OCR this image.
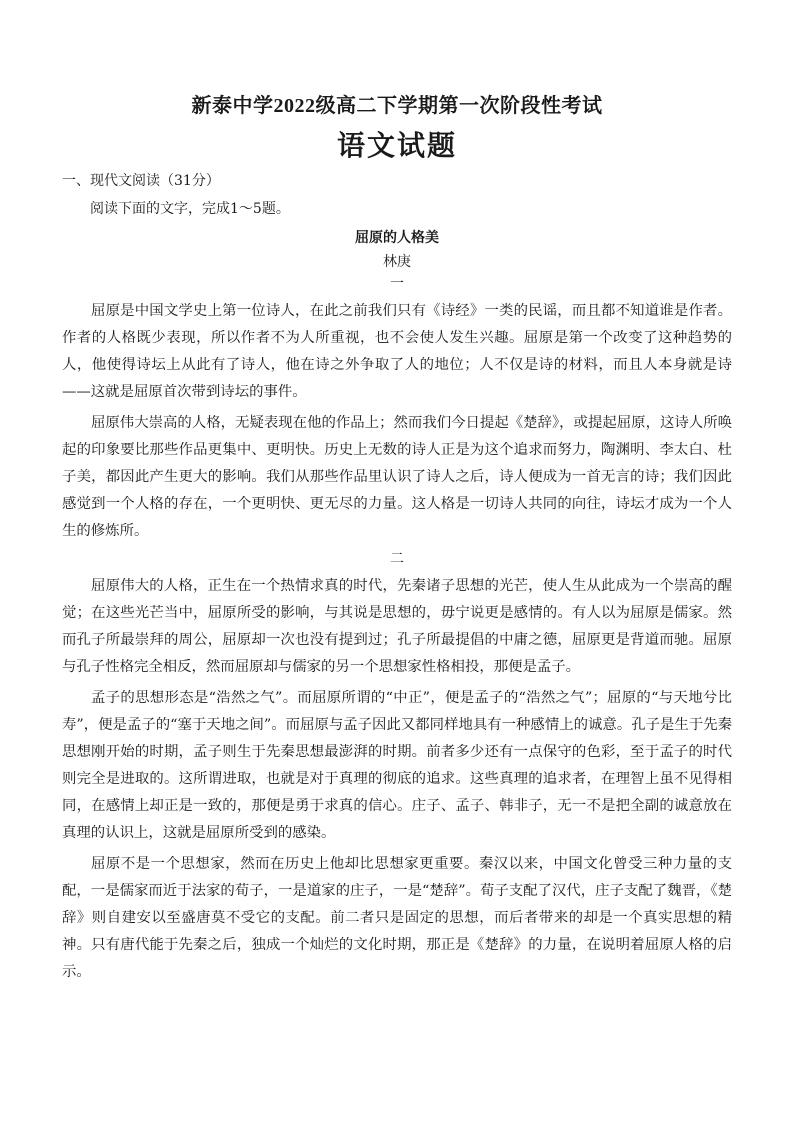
新泰中学2022级高二下学期第一次阶段性考试
语文试题
一、现代文阅读（31分）
阅读下面的文字，完成1～5题。
屈原的人格美
林庚
一

屈原是中国文学史上第一位诗人，在此之前我们只有《诗经》一类的民谣，而且都不知道谁是作者。作者的人格既少表现，所以作者不为人所重视，也不会使人发生兴趣。屈原是第一个改变了这种趋势的人，他使得诗坛上从此有了诗人，他在诗之外争取了人的地位；人不仅是诗的材料，而且人本身就是诗——这就是屈原首次带到诗坛的事件。

屈原伟大崇高的人格，无疑表现在他的作品上；然而我们今日提起《楚辞》，或提起屈原，这诗人所唤起的印象要比那些作品更集中、更明快。历史上无数的诗人正是为这个追求而努力，陶渊明、李太白、杜子美，都因此产生更大的影响。我们从那些作品里认识了诗人之后，诗人便成为一首无言的诗；我们因此感觉到一个人格的存在，一个更明快、更无尽的力量。这人格是一切诗人共同的向往，诗坛才成为一个人生的修炼所。

二

屈原伟大的人格，正生在一个热情求真的时代，先秦诸子思想的光芒，使人生从此成为一个崇高的醒觉；在这些光芒当中，屈原所受的影响，与其说是思想的，毋宁说更是感情的。有人以为屈原是儒家。然而孔子所最崇拜的周公，屈原却一次也没有提到过；孔子所最提倡的中庸之德，屈原更是背道而驰。屈原与孔子性格完全相反，然而屈原却与儒家的另一个思想家性格相投，那便是孟子。

孟子的思想形态是“浩然之气”。而屈原所谓的“中正”，便是孟子的“浩然之气”；屈原的“与天地兮比寿”，便是孟子的“塞于天地之间”。而屈原与孟子因此又都同样地具有一种感情上的诚意。孔子是生于先秦思想刚开始的时期，孟子则生于先秦思想最澎湃的时期。前者多少还有一点保守的色彩，至于孟子的时代则完全是进取的。这所谓进取，也就是对于真理的彻底的追求。这些真理的追求者，在理智上虽不见得相同，在感情上却正是一致的，那便是勇于求真的信心。庄子、孟子、韩非子，无一不是把全副的诚意放在真理的认识上，这就是屈原所受到的感染。

屈原不是一个思想家，然而在历史上他却比思想家更重要。秦汉以来，中国文化曾受三种力量的支配，一是儒家而近于法家的荀子，一是道家的庄子，一是“楚辞”。荀子支配了汉代，庄子支配了魏晋，《楚辞》则自建安以至盛唐莫不受它的支配。前二者只是固定的思想，而后者带来的却是一个真实思想的精神。只有唐代能于先秦之后，独成一个灿烂的文化时期，那正是《楚辞》的力量，在说明着屈原人格的启示。
